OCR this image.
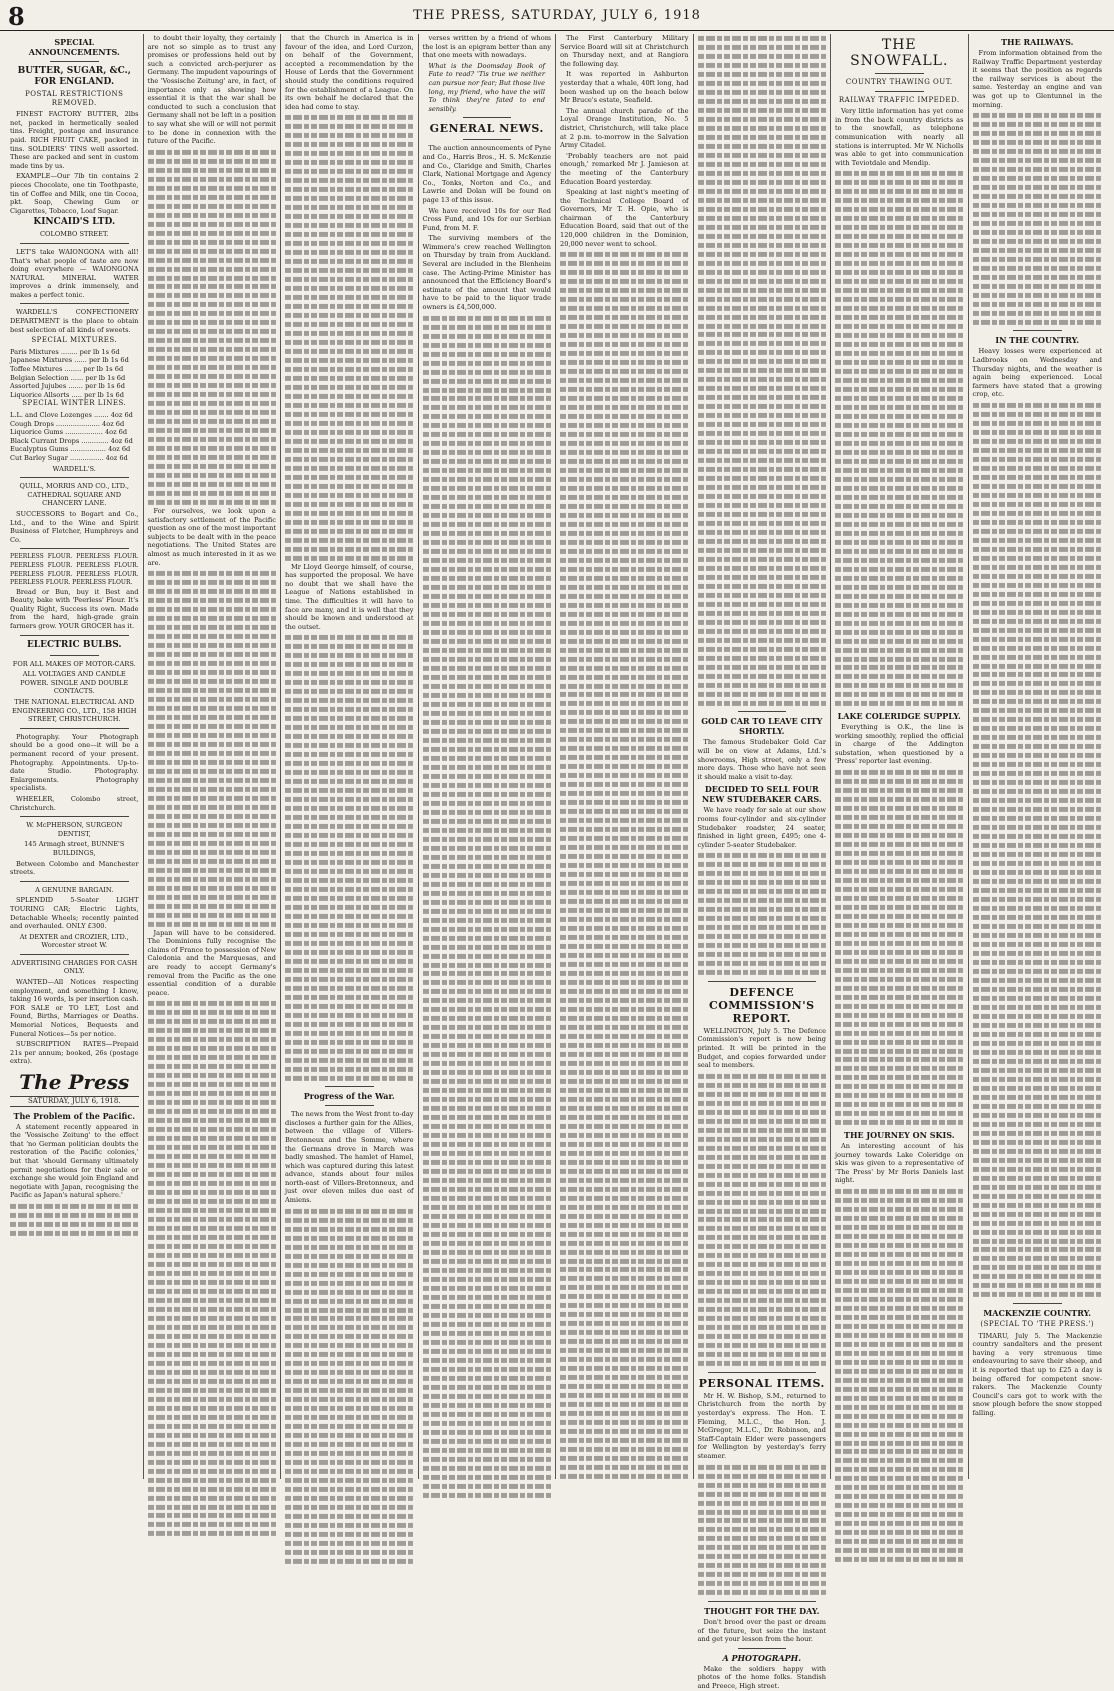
8	THE PRESS, SATURDAY, JULY 6, 1918
SPECIAL ANNOUNCEMENTS.
BUTTER, SUGAR, &C., FOR ENGLAND.
POSTAL RESTRICTIONS REMOVED.

FINEST FACTORY BUTTER, 2lbs net, packed in hermetically sealed tins. Freight, postage and insurance paid. RICH FRUIT CAKE, packed in tins. SOLDIERS' TINS well assorted. These are packed and sent in custom made tins by us.

EXAMPLE—Our 7lb tin contains 2 pieces Chocolate, one tin Toothpaste, tin of Coffee and Milk, one tin Cocoa, pkt. Soap, Chewing Gum or Cigarettes, Tobacco, Loaf Sugar.

KINCAID'S LTD.
COLOMBO STREET.

LET'S take WAIONGONA with all! That's what people of taste are now doing everywhere — WAIONGONA NATURAL MINERAL WATER improves a drink immensely, and makes a perfect tonic.

WARDELL'S CONFECTIONERY DEPARTMENT is the place to obtain best selection of all kinds of sweets.

SPECIAL MIXTURES.
Paris Mixtures ........ per lb 1s 6d
Japanese Mixtures ...... per lb 1s 6d
Toffee Mixtures ........ per lb 1s 6d
Belgian Selection ...... per lb 1s 6d
Assorted Jujubes ....... per lb 1s 6d
Liquorice Allsorts ..... per lb 1s 6d
SPECIAL WINTER LINES.
L.L. and Clove Lozenges ....... 4oz 6d
Cough Drops ..................... 4oz 6d
Liquorice Gums .................. 4oz 6d
Black Currant Drops ............. 4oz 6d
Eucalyptus Gums ................. 4oz 6d
Cut Barley Sugar ................ 4oz 6d
WARDELL'S.
QUILL, MORRIS AND CO., LTD., CATHEDRAL SQUARE AND CHANCERY LANE.

SUCCESSORS to Bogart and Co., Ltd., and to the Wine and Spirit Business of Fletcher, Humphreys and Co.

PEERLESS FLOUR. PEERLESS FLOUR. PEERLESS FLOUR. PEERLESS FLOUR. PEERLESS FLOUR. PEERLESS FLOUR. PEERLESS FLOUR. PEERLESS FLOUR.

Bread or Bun, buy it Best and Beauty, bake with 'Peerless' Flour. It's Quality Right, Success its own. Made from the hard, high-grade grain farmers grow. YOUR GROCER has it.

ELECTRIC BULBS.
FOR ALL MAKES OF MOTOR-CARS.
ALL VOLTAGES AND CANDLE POWER. SINGLE AND DOUBLE CONTACTS.
THE NATIONAL ELECTRICAL AND ENGINEERING CO., LTD., 158 HIGH STREET, CHRISTCHURCH.

Photography. Your Photograph should be a good one—it will be a permanent record of your present. Photography. Appointments. Up-to-date Studio. Photography. Enlargements. Photography specialists.

WHEELER, Colombo street, Christchurch.

W. McPHERSON, SURGEON DENTIST,
145 Armagh street, BUNNE'S BUILDINGS,

Between Colombo and Manchester streets.

A GENUINE BARGAIN.

SPLENDID 5-Seater LIGHT TOURING CAR; Electric Lights, Detachable Wheels; recently painted and overhauled. ONLY £300.

At DEXTER and CROZIER, LTD., Worcester street W.
ADVERTISING CHARGES FOR CASH ONLY.

WANTED—All Notices respecting employment, and something I know, taking 16 words, ls per insertion cash. FOR SALE or TO LET, Lost and Found, Births, Marriages or Deaths. Memorial Notices, Bequests and Funeral Notices—5s per notice.

SUBSCRIPTION RATES—Prepaid 21s per annum; booked, 26s (postage extra).

The Press
SATURDAY, JULY 6, 1918.
The Problem of the Pacific.

A statement recently appeared in the 'Vossische Zeitung' to the effect that 'no German politician doubts the restoration of the Pacific colonies,' but that 'should Germany ultimately permit negotiations for their sale or exchange she would join England and negotiate with Japan, recognising the Pacific as Japan's natural sphere.'

to doubt their loyalty, they certainly are not so simple as to trust any promises or professions held out by such a convicted arch-perjurer as Germany. The impudent vapourings of the 'Vossische Zeitung' are, in fact, of importance only as showing how essential it is that the war shall be conducted to such a conclusion that Germany shall not be left in a position to say what she will or will not permit to be done in connexion with the future of the Pacific.

For ourselves, we look upon a satisfactory settlement of the Pacific question as one of the most important subjects to be dealt with in the peace negotiations. The United States are almost as much interested in it as we are.

Japan will have to be considered. The Dominions fully recognise the claims of France to possession of New Caledonia and the Marquesas, and are ready to accept Germany's removal from the Pacific as the one essential condition of a durable peace.

that the Church in America is in favour of the idea, and Lord Curzon, on behalf of the Government, accepted a recommendation by the House of Lords that the Government should study the conditions required for the establishment of a League. On its own behalf he declared that the idea had come to stay.

Mr Lloyd George himself, of course, has supported the proposal. We have no doubt that we shall have the League of Nations established in time. The difficulties it will have to face are many, and it is well that they should be known and understood at the outset.

Progress of the War.

The news from the West front to-day discloses a further gain for the Allies, between the village of Villers-Bretonneux and the Somme, where the Germans drove in March was badly smashed. The hamlet of Hamel, which was captured during this latest advance, stands about four miles north-east of Villers-Bretonneux, and just over eleven miles due east of Amiens.

verses written by a friend of whom the lost is an epigram better than any that one meets with nowadays.

What is the Doomsday Book of Fate to read? 'Tis true we neither can pursue nor fear; But those live long, my friend, who have the will To think they're fated to end sensibly.

GENERAL NEWS.

The auction announcements of Pyne and Co., Harris Bros., H. S. McKenzie and Co., Claridge and Smith, Charles Clark, National Mortgage and Agency Co., Tonks, Norton and Co., and Lawrie and Dolan will be found on page 13 of this issue.

We have received 10s for our Red Cross Fund, and 10s for our Serbian Fund, from M. F.

The surviving members of the Wimmera's crew reached Wellington on Thursday by train from Auckland. Several are included in the Blenheim case. The Acting-Prime Minister has announced that the Efficiency Board's estimate of the amount that would have to be paid to the liquor trade owners is £4,500,000.

The First Canterbury Military Service Board will sit at Christchurch on Thursday next, and at Rangiora the following day.

It was reported in Ashburton yesterday that a whale, 40ft long, had been washed up on the beach below Mr Bruce's estate, Seafield.

The annual church parade of the Loyal Orange Institution, No. 5 district, Christchurch, will take place at 2 p.m. to-morrow in the Salvation Army Citadel.

'Probably teachers are not paid enough,' remarked Mr J. Jamieson at the meeting of the Canterbury Education Board yesterday.

Speaking at last night's meeting of the Technical College Board of Governors, Mr T. H. Opie, who is chairman of the Canterbury Education Board, said that out of the 120,000 children in the Dominion, 20,000 never went to school.

GOLD CAR TO LEAVE CITY SHORTLY.

The famous Studebaker Gold Car will be on view at Adams, Ltd.'s showrooms, High street, only a few more days. Those who have not seen it should make a visit to-day.

DECIDED TO SELL FOUR NEW STUDEBAKER CARS.

We have ready for sale at our show rooms four-cylinder and six-cylinder Studebaker roadster, 24 seater, finished in light green, £495; one 4-cylinder 5-seater Studebaker.

DEFENCE COMMISSION'S REPORT.

WELLINGTON, July 5. The Defence Commission's report is now being printed. It will be printed in the Budget, and copies forwarded under seal to members.

PERSONAL ITEMS.

Mr H. W. Bishop, S.M., returned to Christchurch from the north by yesterday's express. The Hon. T. Fleming, M.L.C., the Hon. J. McGregor, M.L.C., Dr. Robinson, and Staff-Captain Elder were passengers for Wellington by yesterday's ferry steamer.

THOUGHT FOR THE DAY.

Don't brood over the past or dream of the future, but seize the instant and get your lesson from the hour.

A PHOTOGRAPH.

Make the soldiers happy with photos of the home folks. Standish and Preece, High street.

THE SNOWFALL.
COUNTRY THAWING OUT.
RAILWAY TRAFFIC IMPEDED.

Very little information has yet come in from the back country districts as to the snowfall, as telephone communication with nearly all stations is interrupted. Mr W. Nicholls was able to get into communication with Teviotdale and Mendip.

LAKE COLERIDGE SUPPLY.

Everything is O.K., the line is working smoothly, replied the official in charge of the Addington substation, when questioned by a 'Press' reporter last evening.

THE JOURNEY ON SKIS.

An interesting account of his journey towards Lake Coleridge on skis was given to a representative of 'The Press' by Mr Boris Daniels last night.

THE RAILWAYS.

From information obtained from the Railway Traffic Department yesterday it seems that the position as regards the railway services is about the same. Yesterday an engine and van was got up to Glentunnel in the morning.

IN THE COUNTRY.

Heavy losses were experienced at Ladbrooks on Wednesday and Thursday nights, and the weather is again being experienced. Local farmers have stated that a growing crop, etc.

MACKENZIE COUNTRY.
(SPECIAL TO 'THE PRESS.')

TIMARU, July 5. The Mackenzie country sandalters and the present having a very strenuous time endeavouring to save their sheep, and it is reported that up to £25 a day is being offered for competent snow-rakers. The Mackenzie County Council's cars got to work with the snow plough before the snow stopped falling.
